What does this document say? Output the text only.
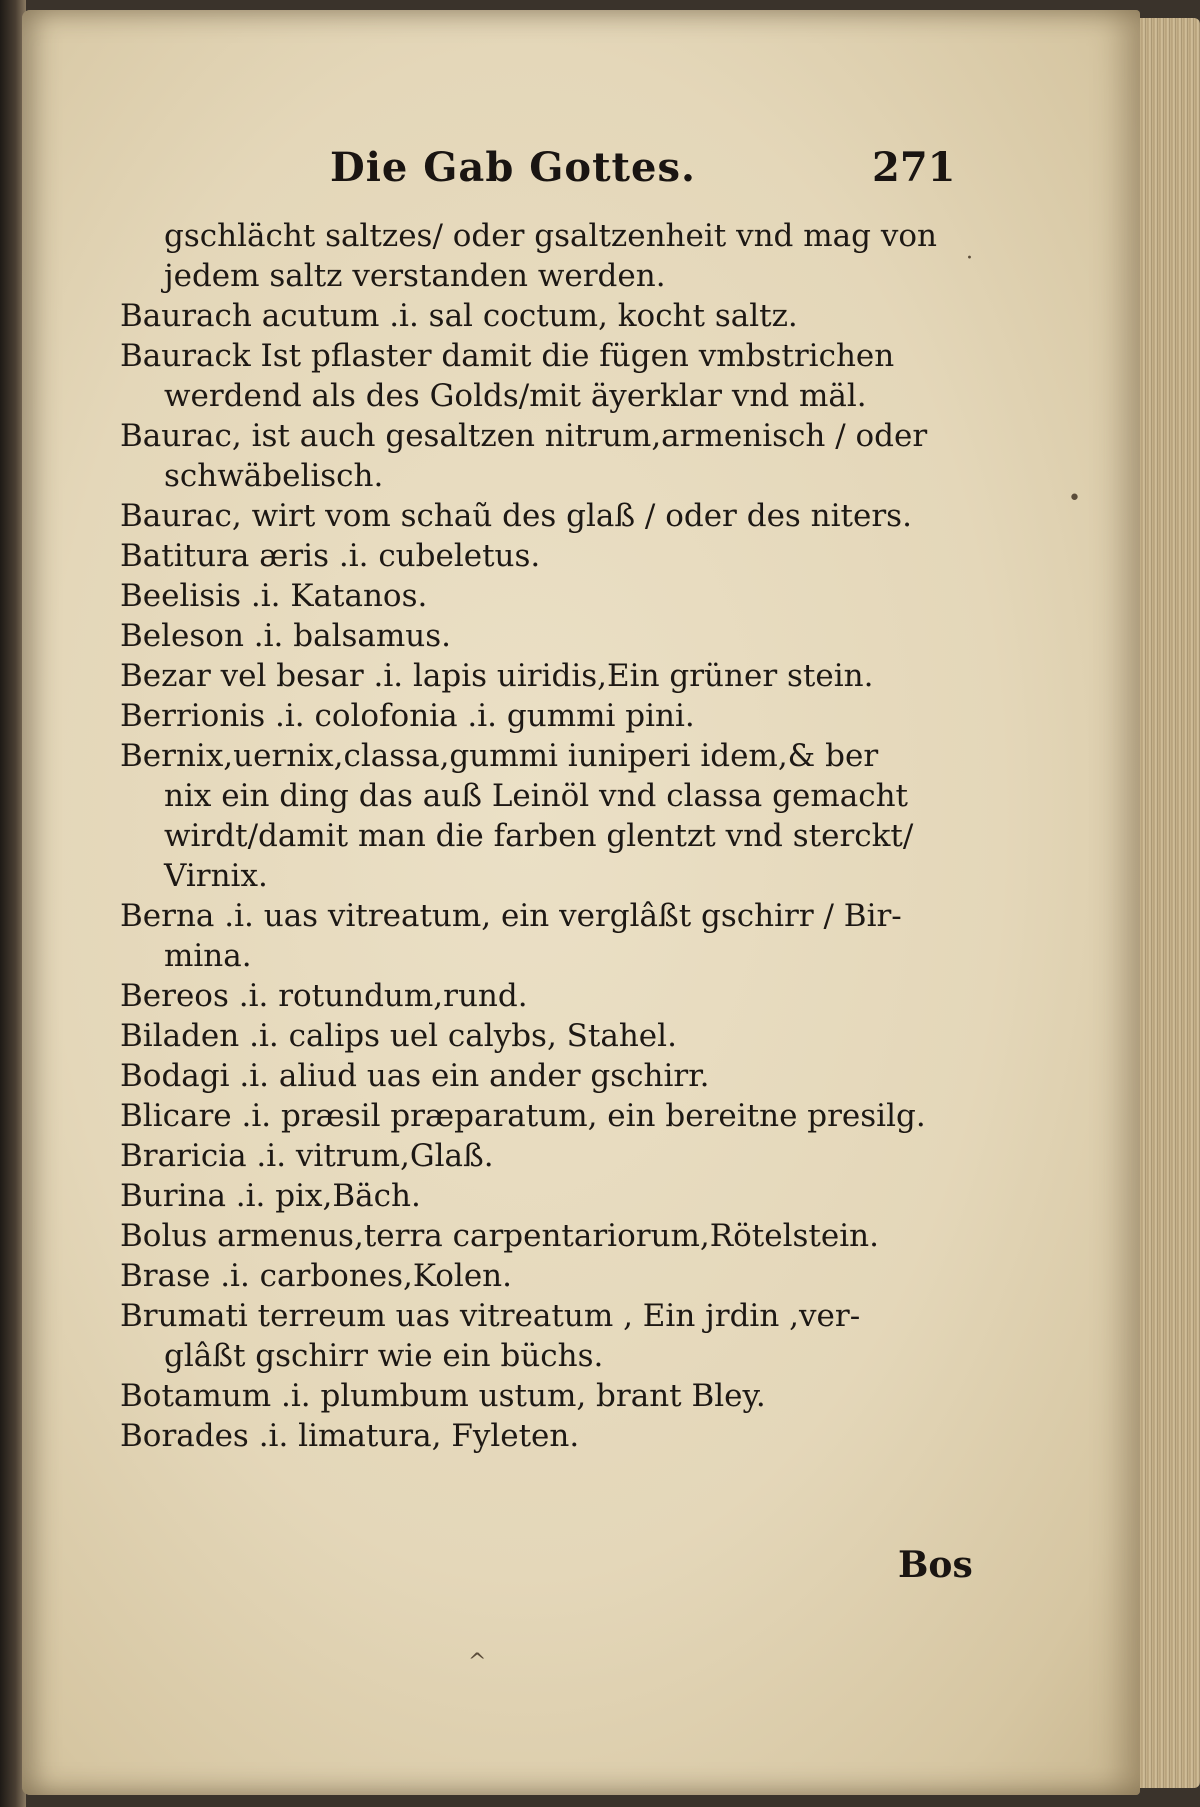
Die Gab Gottes.	271
gschlächt saltzes/ oder gsaltzenheit vnd mag von
jedem saltz verstanden werden.
Baurach acutum .i. sal coctum, kocht saltz.
Baurack Ist pflaster damit die fügen vmbstrichen
werdend als des Golds/mit äyerklar vnd mäl.
Baurac, ist auch gesaltzen nitrum,armenisch / oder
schwäbelisch.
Baurac, wirt vom schaũ des glaß / oder des niters.
Batitura æris .i. cubeletus.
Beelisis .i. Katanos.
Beleson .i. balsamus.
Bezar vel besar .i. lapis uiridis,Ein grüner stein.
Berrionis .i. colofonia .i. gummi pini.
Bernix,uernix,classa,gummi iuniperi idem,& ber
nix ein ding das auß Leinöl vnd classa gemacht
wirdt/damit man die farben glentzt vnd sterckt/
Virnix.
Berna .i. uas vitreatum, ein verglâßt gschirr / Bir-
mina.
Bereos .i. rotundum,rund.
Biladen .i. calips uel calybs, Stahel.
Bodagi .i. aliud uas ein ander gschirr.
Blicare .i. præsil præparatum, ein bereitne presilg.
Braricia .i. vitrum,Glaß.
Burina .i. pix,Bäch.
Bolus armenus,terra carpentariorum,Rötelstein.
Brase .i. carbones,Kolen.
Brumati terreum uas vitreatum , Ein jrdin ,ver-
glâßt gschirr wie ein büchs.
Botamum .i. plumbum ustum, brant Bley.
Borades .i. limatura, Fyleten.
Bos
·
•
^
